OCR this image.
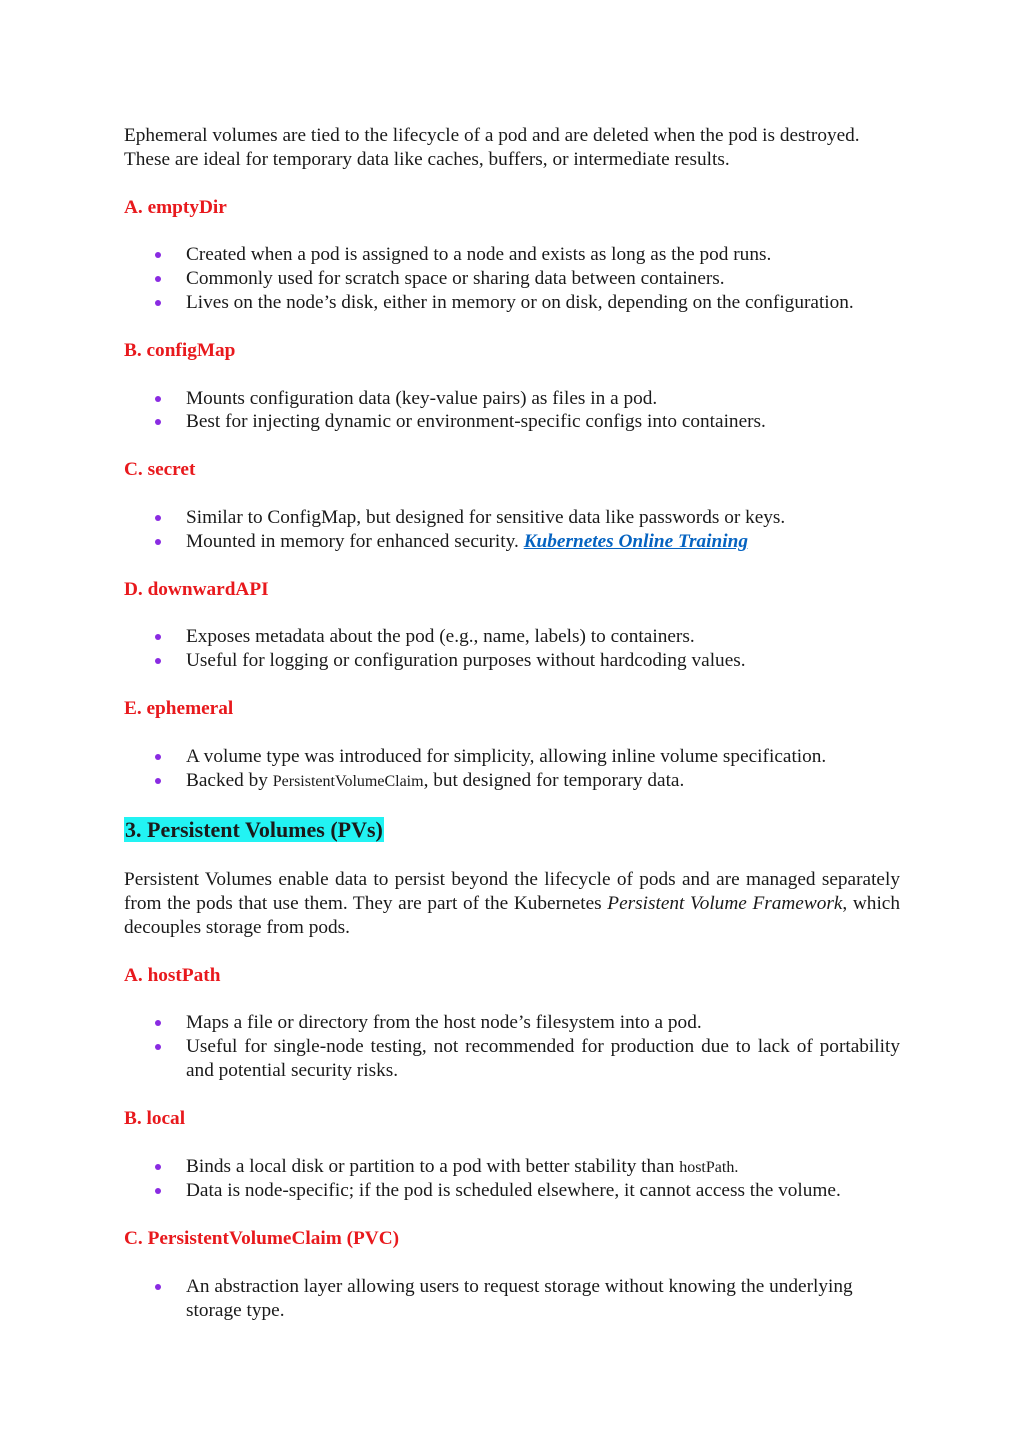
Ephemeral volumes are tied to the lifecycle of a pod and are deleted when the pod is destroyed.
These are ideal for temporary data like caches, buffers, or intermediate results.

A. emptyDir
Created when a pod is assigned to a node and exists as long as the pod runs.
Commonly used for scratch space or sharing data between containers.
Lives on the node’s disk, either in memory or on disk, depending on the configuration.
B. configMap
Mounts configuration data (key-value pairs) as files in a pod.
Best for injecting dynamic or environment-specific configs into containers.
C. secret
Similar to ConfigMap, but designed for sensitive data like passwords or keys.
Mounted in memory for enhanced security. Kubernetes Online Training
D. downwardAPI
Exposes metadata about the pod (e.g., name, labels) to containers.
Useful for logging or configuration purposes without hardcoding values.
E. ephemeral
A volume type was introduced for simplicity, allowing inline volume specification.
Backed by PersistentVolumeClaim, but designed for temporary data.
3. Persistent Volumes (PVs)

Persistent Volumes enable data to persist beyond the lifecycle of pods and are managed separately from the pods that use them. They are part of the Kubernetes Persistent Volume Framework, which decouples storage from pods.

A. hostPath
Maps a file or directory from the host node’s filesystem into a pod.
Useful for single-node testing, not recommended for production due to lack of portability and potential security risks.
B. local
Binds a local disk or partition to a pod with better stability than hostPath.
Data is node-specific; if the pod is scheduled elsewhere, it cannot access the volume.
C. PersistentVolumeClaim (PVC)
An abstraction layer allowing users to request storage without knowing the underlying storage type.
